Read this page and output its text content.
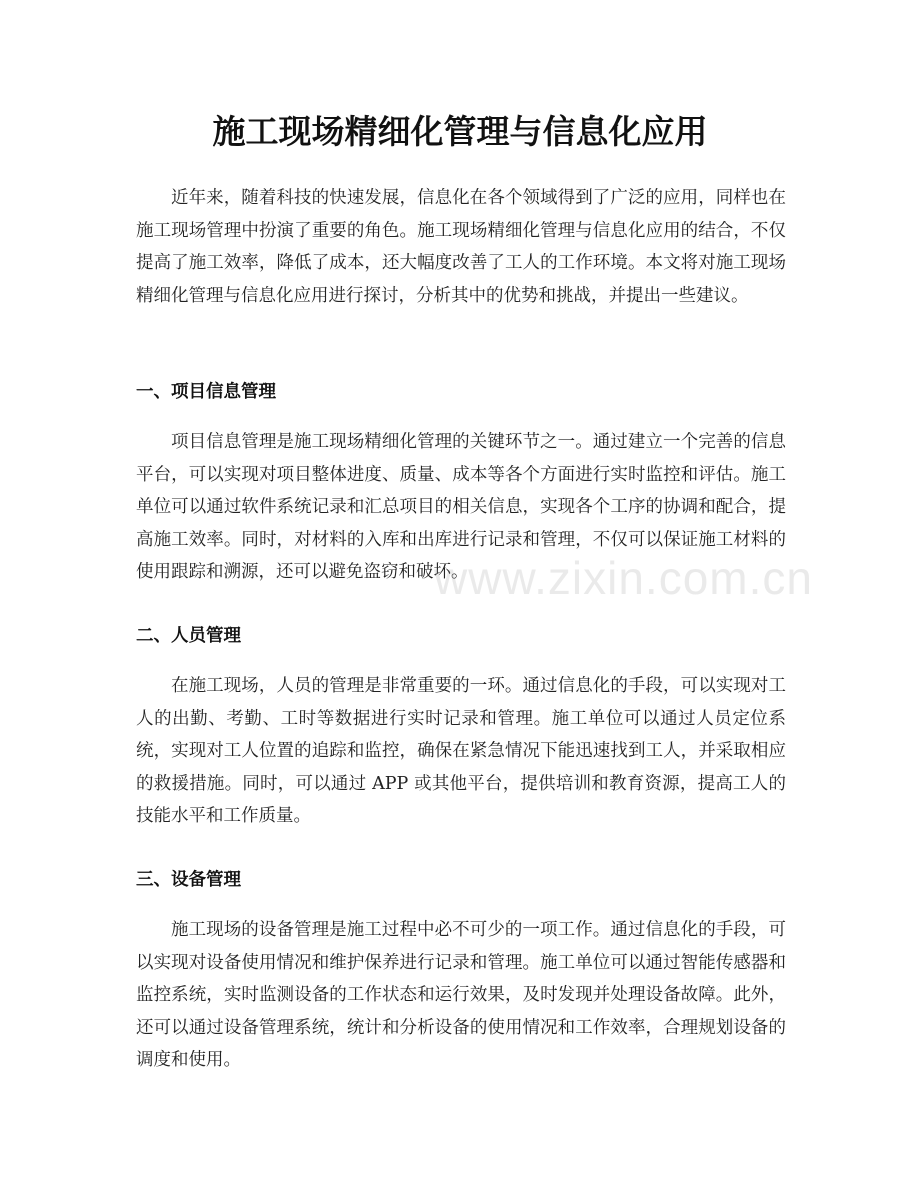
施工现场精细化管理与信息化应用

近年来，随着科技的快速发展，信息化在各个领域得到了广泛的应用，同样也在施工现场管理中扮演了重要的角色。施工现场精细化管理与信息化应用的结合，不仅提高了施工效率，降低了成本，还大幅度改善了工人的工作环境。本文将对施工现场精细化管理与信息化应用进行探讨，分析其中的优势和挑战，并提出一些建议。

一、项目信息管理

项目信息管理是施工现场精细化管理的关键环节之一。通过建立一个完善的信息平台，可以实现对项目整体进度、质量、成本等各个方面进行实时监控和评估。施工单位可以通过软件系统记录和汇总项目的相关信息，实现各个工序的协调和配合，提高施工效率。同时，对材料的入库和出库进行记录和管理，不仅可以保证施工材料的使用跟踪和溯源，还可以避免盗窃和破坏。

二、人员管理

在施工现场，人员的管理是非常重要的一环。通过信息化的手段，可以实现对工人的出勤、考勤、工时等数据进行实时记录和管理。施工单位可以通过人员定位系统，实现对工人位置的追踪和监控，确保在紧急情况下能迅速找到工人，并采取相应的救援措施。同时，可以通过 APP 或其他平台，提供培训和教育资源，提高工人的技能水平和工作质量。

三、设备管理

施工现场的设备管理是施工过程中必不可少的一项工作。通过信息化的手段，可以实现对设备使用情况和维护保养进行记录和管理。施工单位可以通过智能传感器和监控系统，实时监测设备的工作状态和运行效果，及时发现并处理设备故障。此外，还可以通过设备管理系统，统计和分析设备的使用情况和工作效率，合理规划设备的调度和使用。

www.zixin.com.cn
